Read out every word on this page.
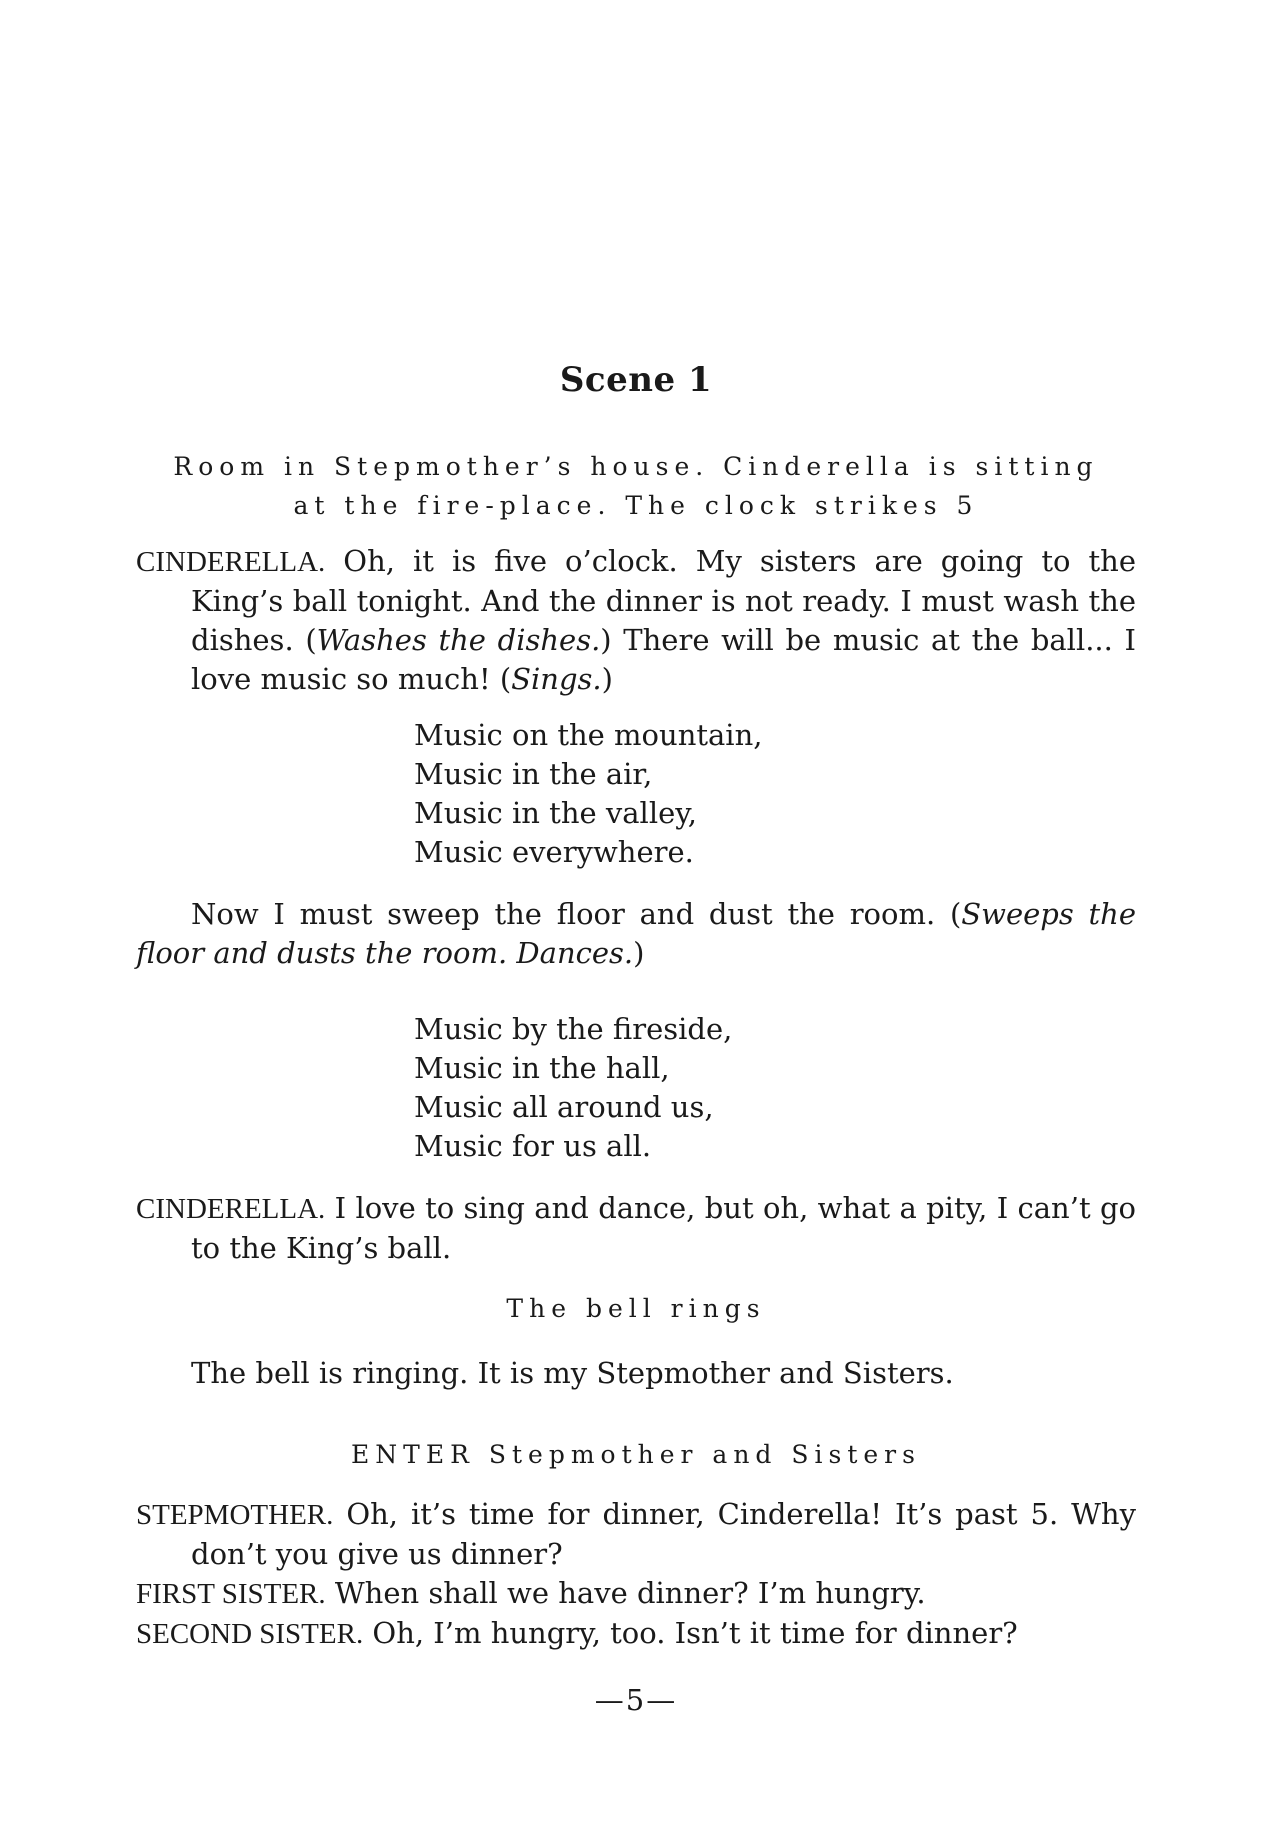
Scene 1
Room in Stepmother’s house. Cinderella is sitting
at the fire-place. The clock strikes 5
CINDERELLA. Oh, it is five o’clock. My sisters are going to the King’s ball tonight. And the dinner is not ready. I must wash the dishes. (Washes the dishes.) There will be music at the ball... I love music so much! (Sings.)
Music on the mountain,
Music in the air,
Music in the valley,
Music everywhere.
Now I must sweep the floor and dust the room. (Sweeps the floor and dusts the room. Dances.)
Music by the fireside,
Music in the hall,
Music all around us,
Music for us all.
CINDERELLA. I love to sing and dance, but oh, what a pity, I can’t go to the King’s ball.
The bell rings
The bell is ringing. It is my Stepmother and Sisters.
ENTER Stepmother and Sisters
STEPMOTHER. Oh, it’s time for dinner, Cinderella! It’s past 5. Why don’t you give us dinner?
FIRST SISTER. When shall we have dinner? I’m hungry.
SECOND SISTER. Oh, I’m hungry, too. Isn’t it time for dinner?
—5—
